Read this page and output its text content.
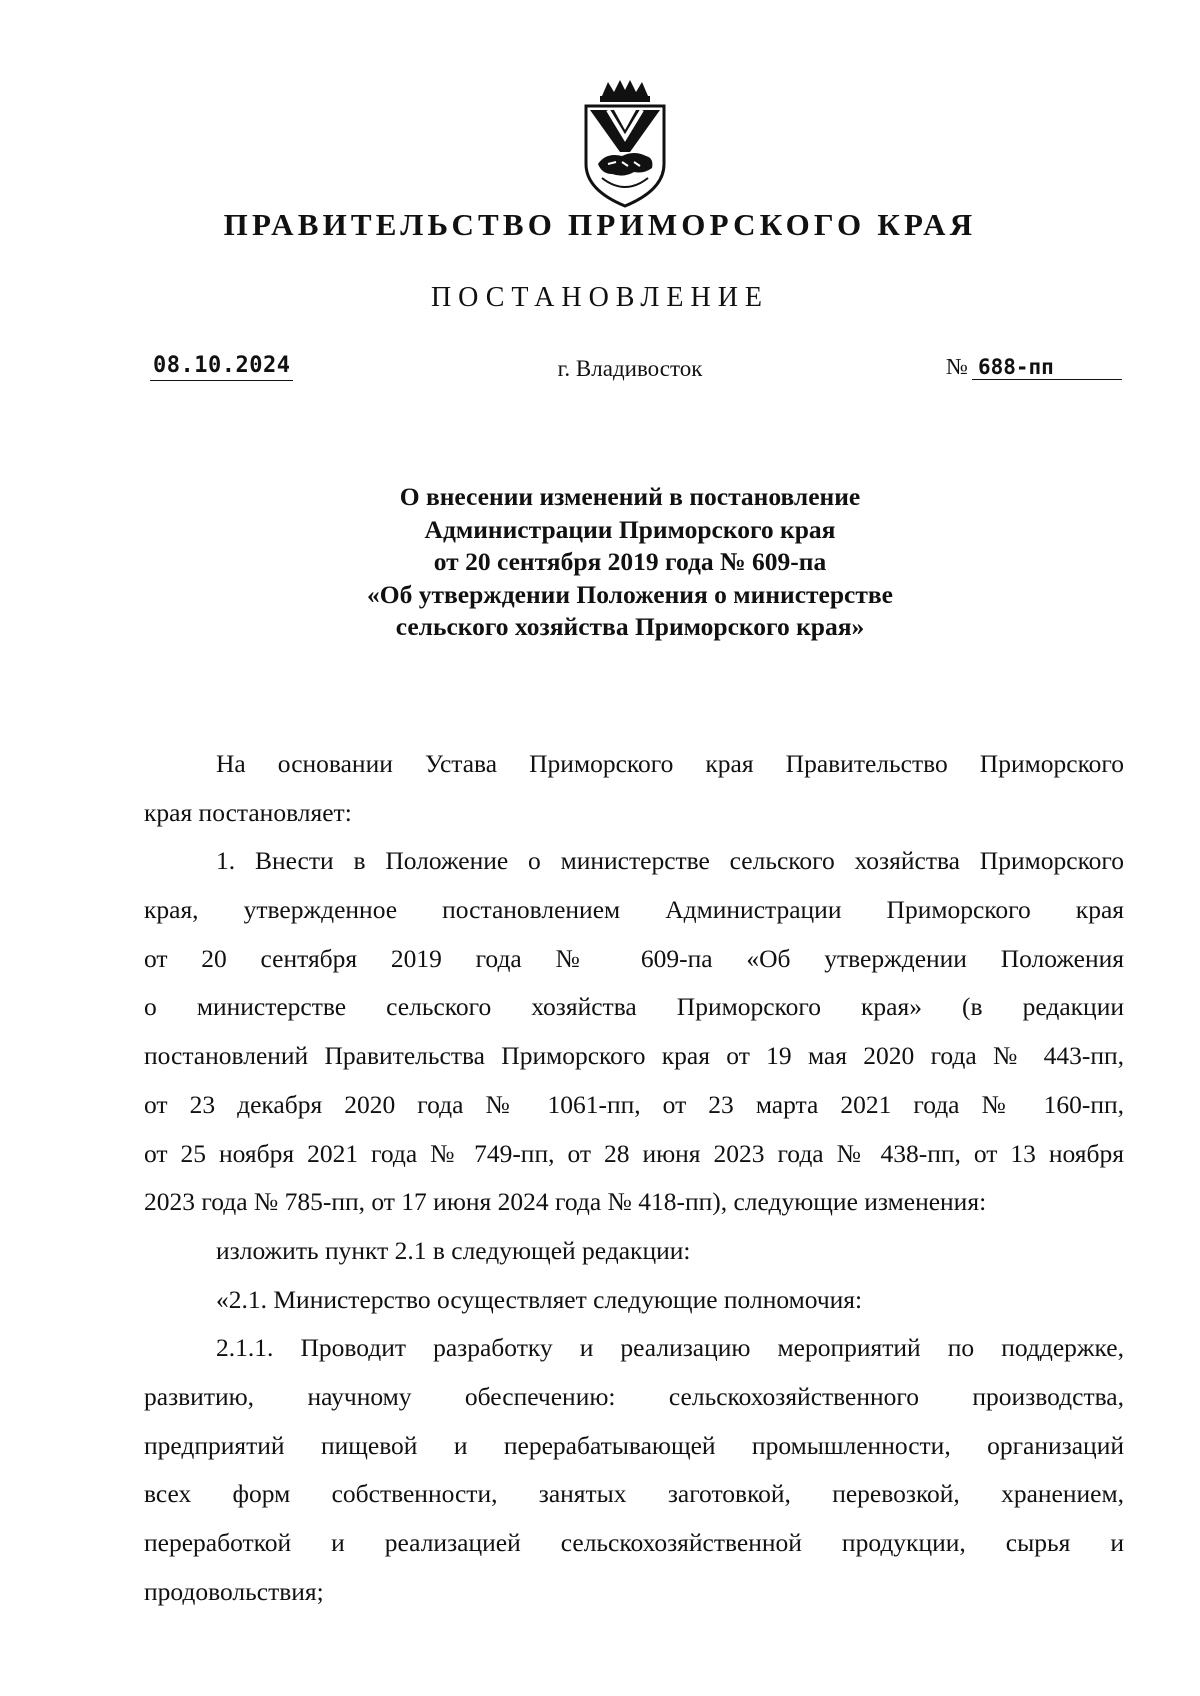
ПРАВИТЕЛЬСТВО ПРИМОРСКОГО КРАЯ
ПОСТАНОВЛЕНИЕ
08.10.2024	г. Владивосток	№ 688-пп
О внесении изменений в постановление
Администрации Приморского края
от 20 сентября 2019 года № 609-па
«Об утверждении Положения о министерстве
сельского хозяйства Приморского края»
На основании Устава Приморского края Правительство Приморского
края постановляет:
1. Внести в Положение о министерстве сельского хозяйства Приморского
края, утвержденное постановлением Администрации Приморского края
от 20 сентября 2019 года № 609-па «Об утверждении Положения
о министерстве сельского хозяйства Приморского края» (в редакции
постановлений Правительства Приморского края от 19 мая 2020 года № 443-пп,
от 23 декабря 2020 года № 1061-пп, от 23 марта 2021 года № 160-пп,
от 25 ноября 2021 года № 749-пп, от 28 июня 2023 года № 438-пп, от 13 ноября
2023 года № 785-пп, от 17 июня 2024 года № 418-пп), следующие изменения:
изложить пункт 2.1 в следующей редакции:
«2.1. Министерство осуществляет следующие полномочия:
2.1.1. Проводит разработку и реализацию мероприятий по поддержке,
развитию, научному обеспечению: сельскохозяйственного производства,
предприятий пищевой и перерабатывающей промышленности, организаций
всех форм собственности, занятых заготовкой, перевозкой, хранением,
переработкой и реализацией сельскохозяйственной продукции, сырья и
продовольствия;
